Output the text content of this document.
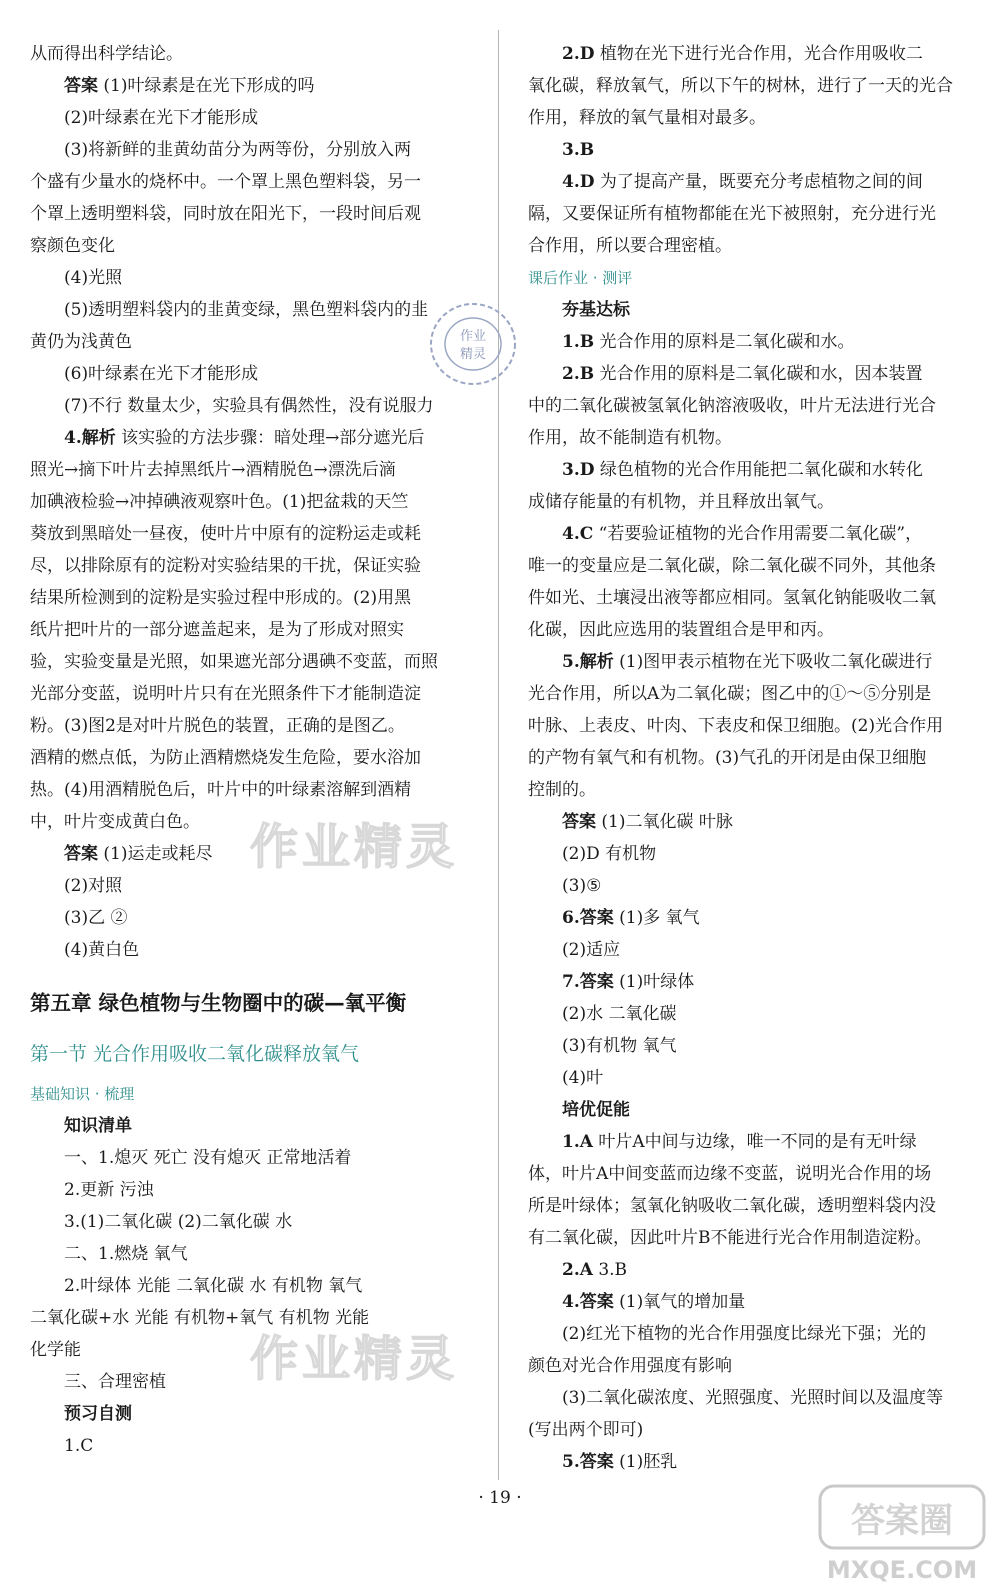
从而得出科学结论。
答案 (1)叶绿素是在光下形成的吗
(2)叶绿素在光下才能形成
(3)将新鲜的韭黄幼苗分为两等份，分别放入两
个盛有少量水的烧杯中。一个罩上黑色塑料袋，另一
个罩上透明塑料袋，同时放在阳光下，一段时间后观
察颜色变化
(4)光照
(5)透明塑料袋内的韭黄变绿，黑色塑料袋内的韭
黄仍为浅黄色
(6)叶绿素在光下才能形成
(7)不行 数量太少，实验具有偶然性，没有说服力
4.解析 该实验的方法步骤：暗处理→部分遮光后
照光→摘下叶片去掉黑纸片→酒精脱色→漂洗后滴
加碘液检验→冲掉碘液观察叶色。(1)把盆栽的天竺
葵放到黑暗处一昼夜，使叶片中原有的淀粉运走或耗
尽，以排除原有的淀粉对实验结果的干扰，保证实验
结果所检测到的淀粉是实验过程中形成的。(2)用黑
纸片把叶片的一部分遮盖起来，是为了形成对照实
验，实验变量是光照，如果遮光部分遇碘不变蓝，而照
光部分变蓝，说明叶片只有在光照条件下才能制造淀
粉。(3)图2是对叶片脱色的装置，正确的是图乙。
酒精的燃点低，为防止酒精燃烧发生危险，要水浴加
热。(4)用酒精脱色后，叶片中的叶绿素溶解到酒精
中，叶片变成黄白色。
答案 (1)运走或耗尽
(2)对照
(3)乙 ②
(4)黄白色
第五章 绿色植物与生物圈中的碳—氧平衡
第一节 光合作用吸收二氧化碳释放氧气
基础知识 · 梳理
知识清单
一、1.熄灭 死亡 没有熄灭 正常地活着
2.更新 污浊
3.(1)二氧化碳 (2)二氧化碳 水
二、1.燃烧 氧气
2.叶绿体 光能 二氧化碳 水 有机物 氧气
二氧化碳+水 光能 有机物+氧气 有机物 光能
化学能
三、合理密植
预习自测
1.C
2.D 植物在光下进行光合作用，光合作用吸收二
氧化碳，释放氧气，所以下午的树林，进行了一天的光合
作用，释放的氧气量相对最多。
3.B
4.D 为了提高产量，既要充分考虑植物之间的间
隔，又要保证所有植物都能在光下被照射，充分进行光
合作用，所以要合理密植。
课后作业 · 测评
夯基达标
1.B 光合作用的原料是二氧化碳和水。
2.B 光合作用的原料是二氧化碳和水，因本装置
中的二氧化碳被氢氧化钠溶液吸收，叶片无法进行光合
作用，故不能制造有机物。
3.D 绿色植物的光合作用能把二氧化碳和水转化
成储存能量的有机物，并且释放出氧气。
4.C “若要验证植物的光合作用需要二氧化碳”，
唯一的变量应是二氧化碳，除二氧化碳不同外，其他条
件如光、土壤浸出液等都应相同。氢氧化钠能吸收二氧
化碳，因此应选用的装置组合是甲和丙。
5.解析 (1)图甲表示植物在光下吸收二氧化碳进行
光合作用，所以A为二氧化碳；图乙中的①～⑤分别是
叶脉、上表皮、叶肉、下表皮和保卫细胞。(2)光合作用
的产物有氧气和有机物。(3)气孔的开闭是由保卫细胞
控制的。
答案 (1)二氧化碳 叶脉
(2)D 有机物
(3)⑤
6.答案 (1)多 氧气
(2)适应
7.答案 (1)叶绿体
(2)水 二氧化碳
(3)有机物 氧气
(4)叶
培优促能
1.A 叶片A中间与边缘，唯一不同的是有无叶绿
体，叶片A中间变蓝而边缘不变蓝，说明光合作用的场
所是叶绿体；氢氧化钠吸收二氧化碳，透明塑料袋内没
有二氧化碳，因此叶片B不能进行光合作用制造淀粉。
2.A 3.B
4.答案 (1)氧气的增加量
(2)红光下植物的光合作用强度比绿光下强；光的
颜色对光合作用强度有影响
(3)二氧化碳浓度、光照强度、光照时间以及温度等
(写出两个即可)
5.答案 (1)胚乳
作业精灵
作业精灵
作业
精灵
· 19 ·
答案圈
MXQE.COM
